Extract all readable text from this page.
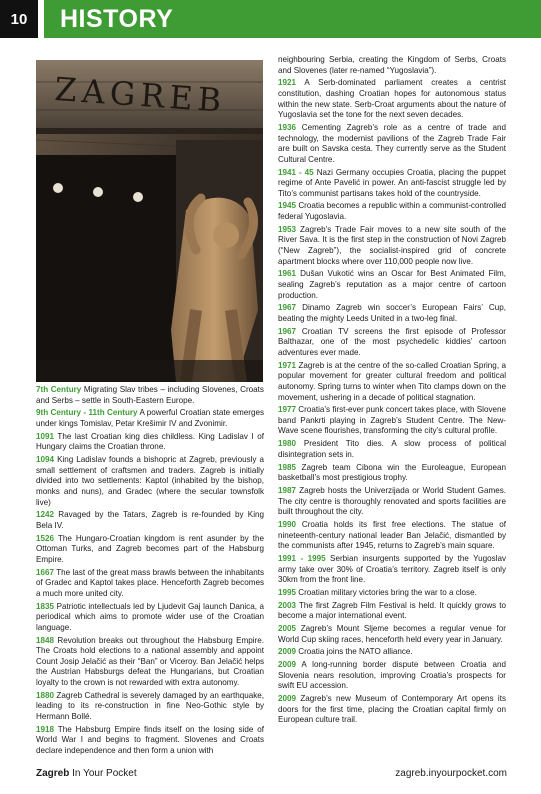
10	HISTORY
ZAGREB
7th Century Migrating Slav tribes – including Slovenes, Croats and Serbs – settle in South-Eastern Europe.
9th Century - 11th Century A powerful Croatian state emerges under kings Tomislav, Petar Krešimir IV and Zvonimir.
1091 The last Croatian king dies childless. King Ladislav I of Hungary claims the Croatian throne.
1094 King Ladislav founds a bishopric at Zagreb, previously a small settlement of craftsmen and traders. Zagreb is initially divided into two settlements: Kaptol (inhabited by the bishop, monks and nuns), and Gradec (where the secular townsfolk live)
1242 Ravaged by the Tatars, Zagreb is re-founded by King Bela IV.
1526 The Hungaro-Croatian kingdom is rent asunder by the Ottoman Turks, and Zagreb becomes part of the Habsburg Empire.
1667 The last of the great mass brawls between the inhabitants of Gradec and Kaptol takes place. Henceforth Zagreb becomes a much more united city.
1835 Patriotic intellectuals led by Ljudevit Gaj launch Danica, a periodical which aims to promote wider use of the Croatian language.
1848 Revolution breaks out throughout the Habsburg Empire. The Croats hold elections to a national assembly and appoint Count Josip Jelačić as their “Ban” or Viceroy. Ban Jelačić helps the Austrian Habsburgs defeat the Hungarians, but Croatian loyalty to the crown is not rewarded with extra autonomy.
1880 Zagreb Cathedral is severely damaged by an earthquake, leading to its re-construction in fine Neo-Gothic style by Hermann Bollé.
1918 The Habsburg Empire finds itself on the losing side of World War I and begins to fragment. Slovenes and Croats declare independence and then form a union with
neighbouring Serbia, creating the Kingdom of Serbs, Croats and Slovenes (later re-named “Yugoslavia”).
1921 A Serb-dominated parliament creates a centrist constitution, dashing Croatian hopes for autonomous status within the new state. Serb-Croat arguments about the nature of Yugoslavia set the tone for the next seven decades.
1936 Cementing Zagreb’s role as a centre of trade and technology, the modernist pavilions of the Zagreb Trade Fair are built on Savska cesta. They currently serve as the Student Cultural Centre.
1941 - 45 Nazi Germany occupies Croatia, placing the puppet regime of Ante Pavelić in power. An anti-fascist struggle led by Tito’s communist partisans takes hold of the countryside.
1945 Croatia becomes a republic within a communist-controlled federal Yugoslavia.
1953 Zagreb’s Trade Fair moves to a new site south of the River Sava. It is the first step in the construction of Novi Zagreb (“New Zagreb”), the socialist-inspired grid of concrete apartment blocks where over 110,000 people now live.
1961 Dušan Vukotić wins an Oscar for Best Animated Film, sealing Zagreb’s reputation as a major centre of cartoon production.
1967 Dinamo Zagreb win soccer’s European Fairs’ Cup, beating the mighty Leeds United in a two-leg final.
1967 Croatian TV screens the first episode of Professor Balthazar, one of the most psychedelic kiddies’ cartoon adventures ever made.
1971 Zagreb is at the centre of the so-called Croatian Spring, a popular movement for greater cultural freedom and political autonomy. Spring turns to winter when Tito clamps down on the movement, ushering in a decade of political stagnation.
1977 Croatia’s first-ever punk concert takes place, with Slovene band Pankrti playing in Zagreb’s Student Centre. The New-Wave scene flourishes, transforming the city’s cultural profile.
1980 President Tito dies. A slow process of political disintegration sets in.
1985 Zagreb team Cibona win the Euroleague, European basketball’s most prestigious trophy.
1987 Zagreb hosts the Univerzijada or World Student Games. The city centre is thoroughly renovated and sports facilities are built throughout the city.
1990 Croatia holds its first free elections. The statue of nineteenth-century national leader Ban Jelačić, dismantled by the communists after 1945, returns to Zagreb’s main square.
1991 - 1995 Serbian insurgents supported by the Yugoslav army take over 30% of Croatia’s territory. Zagreb itself is only 30km from the front line.
1995 Croatian military victories bring the war to a close.
2003 The first Zagreb Film Festival is held. It quickly grows to become a major international event.
2005 Zagreb’s Mount Sljeme becomes a regular venue for World Cup skiing races, henceforth held every year in January.
2009 Croatia joins the NATO alliance.
2009 A long-running border dispute between Croatia and Slovenia nears resolution, improving Croatia’s prospects for swift EU accession.
2009 Zagreb’s new Museum of Contemporary Art opens its doors for the first time, placing the Croatian capital firmly on European culture trail.
Zagreb In Your Pocket	zagreb.inyourpocket.com
